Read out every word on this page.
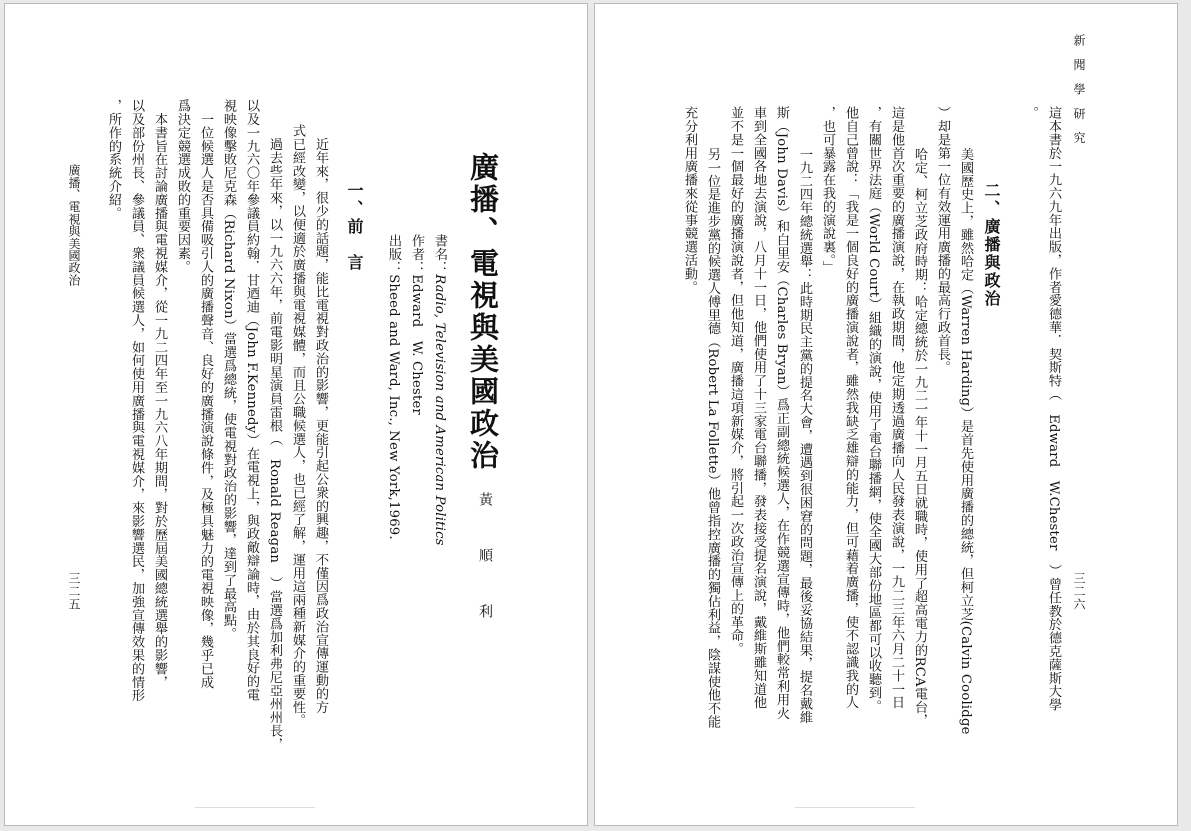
廣播、電視與美國政治
黃　順　利
書名：Radio, Television and American Politics
作者：Edward　W. Chester
出版：Sheed and Ward, Inc., New York,1969.
一、前　言
　近年來，很少的話題，能比電視對政治的影響，更能引起公衆的興趣，不僅因爲政治宣傳運動的方
式已經改變，以便適於廣播與電視媒體，而且公職候選人，也已經了解，運用這兩種新媒介的重要性。
　過去些年來，以一九六六年，前電影明星演員雷根（　Ronald Reagan　）當選爲加利弗尼亞州州長，
以及一九六〇年參議員約翰．甘迺迪（John F.Kennedy）在電視上，與政敵辯論時，由於其良好的電
視映像擊敗尼克森（Richard Nixon）當選爲總統，使電視對政治的影響，達到了最高點。
　一位候選人是否具備吸引人的廣播聲音、良好的廣播演說條件，及極具魅力的電視映像，幾乎已成
爲決定競選成敗的重要因素。
　本書旨在討論廣播與電視媒介，從一九二四年至一九六八年期間，對於歷屆美國總統選舉的影響，
以及部份州長、參議員、衆議員候選人，如何使用廣播與電視媒介，來影響選民，加強宣傳效果的情形
，所作的系統介紹。
廣播、電視與美國政治
三二五
新　聞　學　研　究
三二六
這本書於一九六九年出版，作者愛德華．契斯特（　Edward　W.Chester　）曾任教於德克薩斯大學
。
二、廣播與政治
　美國歷史上，雖然哈定（Warren Harding）是首先使用廣播的總統，但柯立芝(Calvin Coolidge
）却是第一位有效運用廣播的最高行政首長。
　哈定、柯立芝政府時期：哈定總統於一九二一年十一月五日就職時，使用了超高電力的RCA電台，
這是他首次重要的廣播演說，在執政期間，他定期透過廣播向人民發表演說，一九二三年六月二十一日
，有關世界法庭（World Court）組織的演說，使用了電台聯播網，使全國大部份地區都可以收聽到。
他自己曾說：「我是一個良好的廣播演說者，雖然我缺乏雄辯的能力，但可藉着廣播，使不認識我的人
，也可暴露在我的演說裏。」
　一九二四年總統選舉：此時期民主黨的提名大會，遭遇到很困窘的問題，最後妥協結果，提名戴維
斯（John Davis）和白里安（Charles Bryan）爲正副總統候選人，在作競選宣傳時，他們較常利用火
車到全國各地去演說，八月十一日，他們使用了十三家電台聯播，發表接受提名演說，戴維斯雖知道他
並不是一個最好的廣播演說者，但他知道，廣播這項新媒介，將引起一次政治宣傳上的革命。
　另一位是進步黨的候選人傅里德（Robert La Follette）他曾指控廣播的獨佔利益，陰謀使他不能
充分利用廣播來從事競選活動。
